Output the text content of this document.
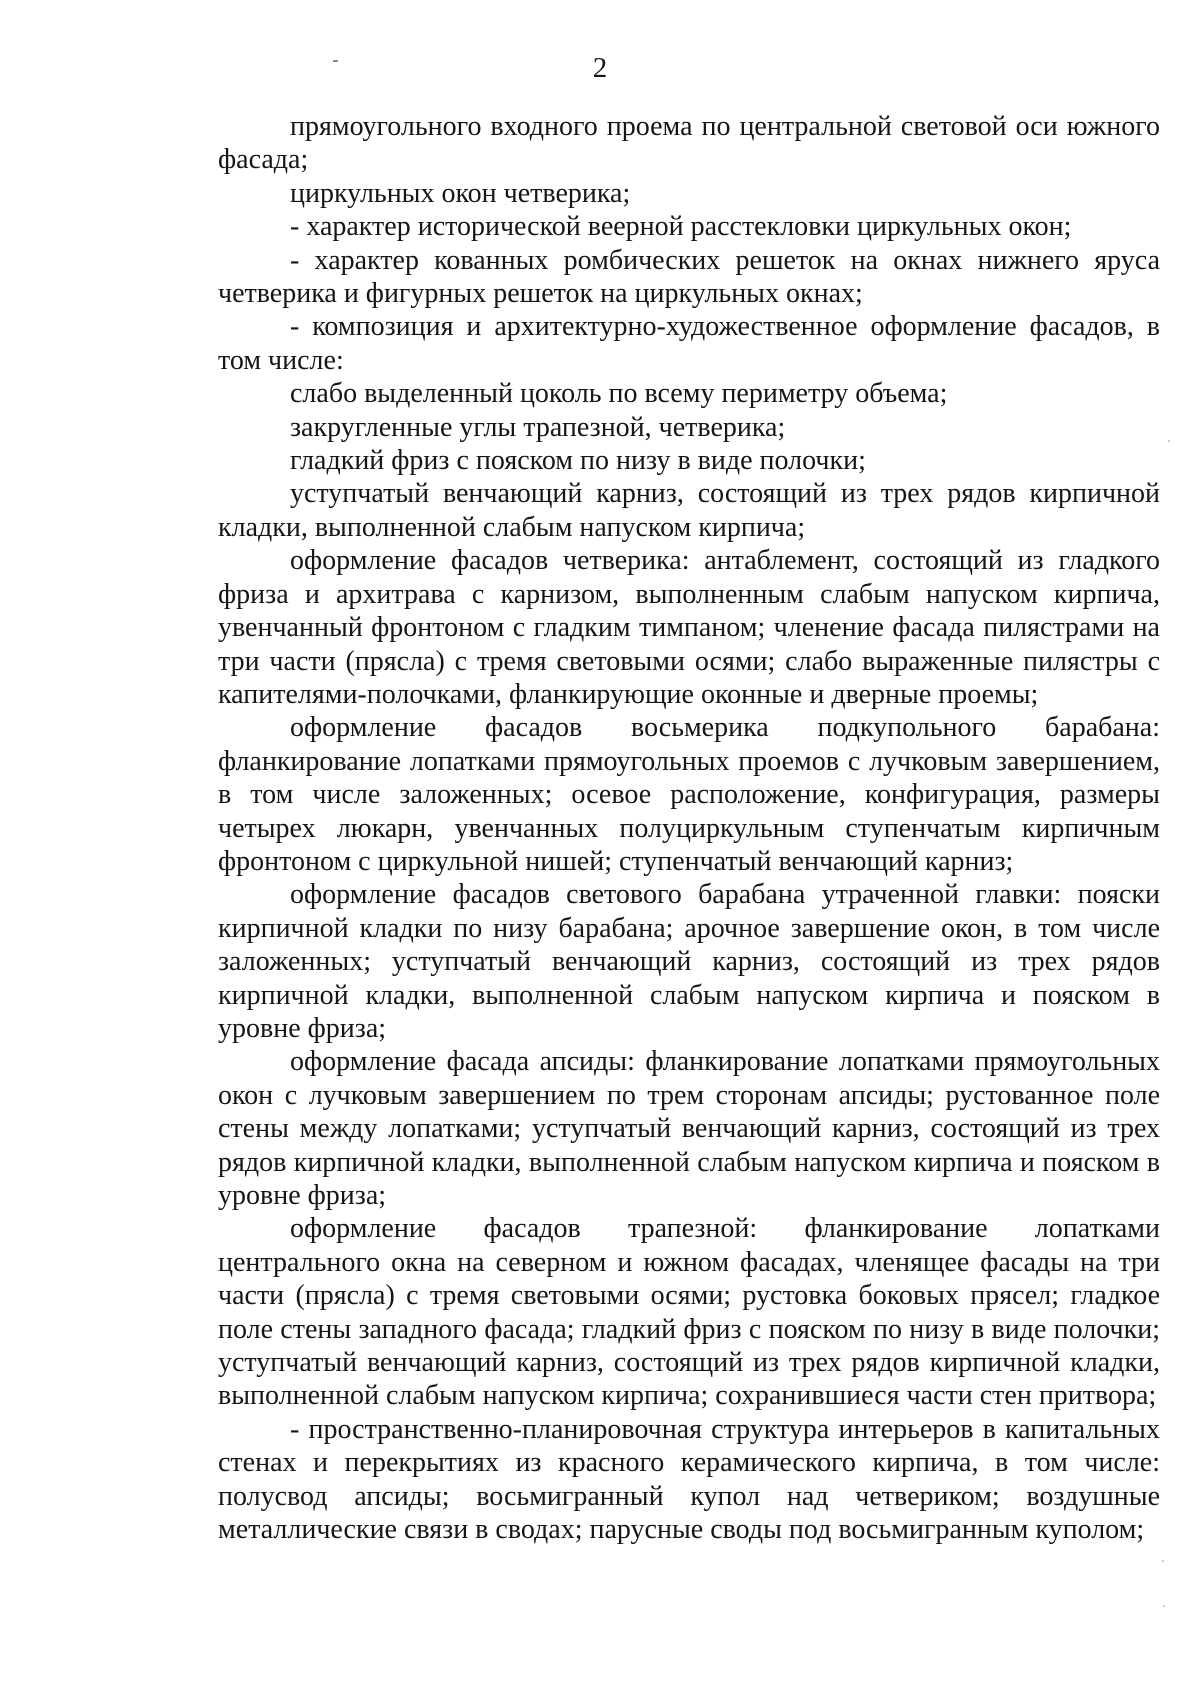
2

прямоугольного входного проема по центральной световой оси южного фасада;

циркульных окон четверика;

- характер исторической веерной расстекловки циркульных окон;

- характер кованных ромбических решеток на окнах нижнего яруса четверика и фигурных решеток на циркульных окнах;

- композиция и архитектурно-художественное оформление фасадов, в том числе:

слабо выделенный цоколь по всему периметру объема;

закругленные углы трапезной, четверика;

гладкий фриз с пояском по низу в виде полочки;

уступчатый венчающий карниз, состоящий из трех рядов кирпичной кладки, выполненной слабым напуском кирпича;

оформление фасадов четверика: антаблемент, состоящий из гладкого фриза и архитрава с карнизом, выполненным слабым напуском кирпича, увенчанный фронтоном с гладким тимпаном; членение фасада пилястрами на три части (прясла) с тремя световыми осями; слабо выраженные пилястры с капителями-полочками, фланкирующие оконные и дверные проемы;

оформление фасадов восьмерика подкупольного барабана: фланкирование лопатками прямоугольных проемов с лучковым завершением, в том числе заложенных; осевое расположение, конфигурация, размеры четырех люкарн, увенчанных полуциркульным ступенчатым кирпичным фронтоном с циркульной нишей; ступенчатый венчающий карниз;

оформление фасадов светового барабана утраченной главки: пояски кирпичной кладки по низу барабана; арочное завершение окон, в том числе заложенных; уступчатый венчающий карниз, состоящий из трех рядов кирпичной кладки, выполненной слабым напуском кирпича и пояском в уровне фриза;

оформление фасада апсиды: фланкирование лопатками прямоугольных окон с лучковым завершением по трем сторонам апсиды; рустованное поле стены между лопатками; уступчатый венчающий карниз, состоящий из трех рядов кирпичной кладки, выполненной слабым напуском кирпича и пояском в уровне фриза;

оформление фасадов трапезной: фланкирование лопатками центрального окна на северном и южном фасадах, членящее фасады на три части (прясла) с тремя световыми осями; рустовка боковых прясел; гладкое поле стены западного фасада; гладкий фриз с пояском по низу в виде полочки; уступчатый венчающий карниз, состоящий из трех рядов кирпичной кладки, выполненной слабым напуском кирпича; сохранившиеся части стен притвора;

- пространственно-планировочная структура интерьеров в капитальных стенах и перекрытиях из красного керамического кирпича, в том числе: полусвод апсиды; восьмигранный купол над четвериком; воздушные металлические связи в сводах; парусные своды под восьмигранным куполом;
